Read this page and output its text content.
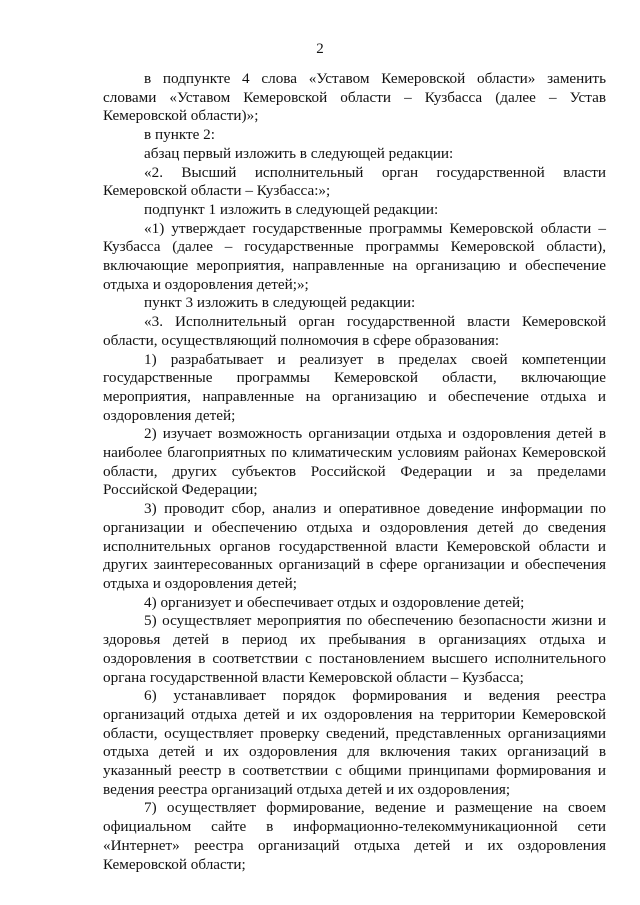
2

в подпункте 4 слова «Уставом Кемеровской области» заменить словами «Уставом Кемеровской области – Кузбасса (далее – Устав Кемеровской области)»;

в пункте 2:

абзац первый изложить в следующей редакции:

«2. Высший исполнительный орган государственной власти Кемеровской области – Кузбасса:»;

подпункт 1 изложить в следующей редакции:

«1) утверждает государственные программы Кемеровской области – Кузбасса (далее – государственные программы Кемеровской области), включающие мероприятия, направленные на организацию и обеспечение отдыха и оздоровления детей;»;

пункт 3 изложить в следующей редакции:

«3. Исполнительный орган государственной власти Кемеровской области, осуществляющий полномочия в сфере образования:

1) разрабатывает и реализует в пределах своей компетенции государственные программы Кемеровской области, включающие мероприятия, направленные на организацию и обеспечение отдыха и оздоровления детей;

2) изучает возможность организации отдыха и оздоровления детей в наиболее благоприятных по климатическим условиям районах Кемеровской области, других субъектов Российской Федерации и за пределами Российской Федерации;

3) проводит сбор, анализ и оперативное доведение информации по организации и обеспечению отдыха и оздоровления детей до сведения исполнительных органов государственной власти Кемеровской области и других заинтересованных организаций в сфере организации и обеспечения отдыха и оздоровления детей;

4) организует и обеспечивает отдых и оздоровление детей;

5) осуществляет мероприятия по обеспечению безопасности жизни и здоровья детей в период их пребывания в организациях отдыха и оздоровления в соответствии с постановлением высшего исполнительного органа государственной власти Кемеровской области – Кузбасса;

6) устанавливает порядок формирования и ведения реестра организаций отдыха детей и их оздоровления на территории Кемеровской области, осуществляет проверку сведений, представленных организациями отдыха детей и их оздоровления для включения таких организаций в указанный реестр в соответствии с общими принципами формирования и ведения реестра организаций отдыха детей и их оздоровления;

7) осуществляет формирование, ведение и размещение на своем официальном сайте в информационно-телекоммуникационной сети «Интернет» реестра организаций отдыха детей и их оздоровления Кемеровской области;
